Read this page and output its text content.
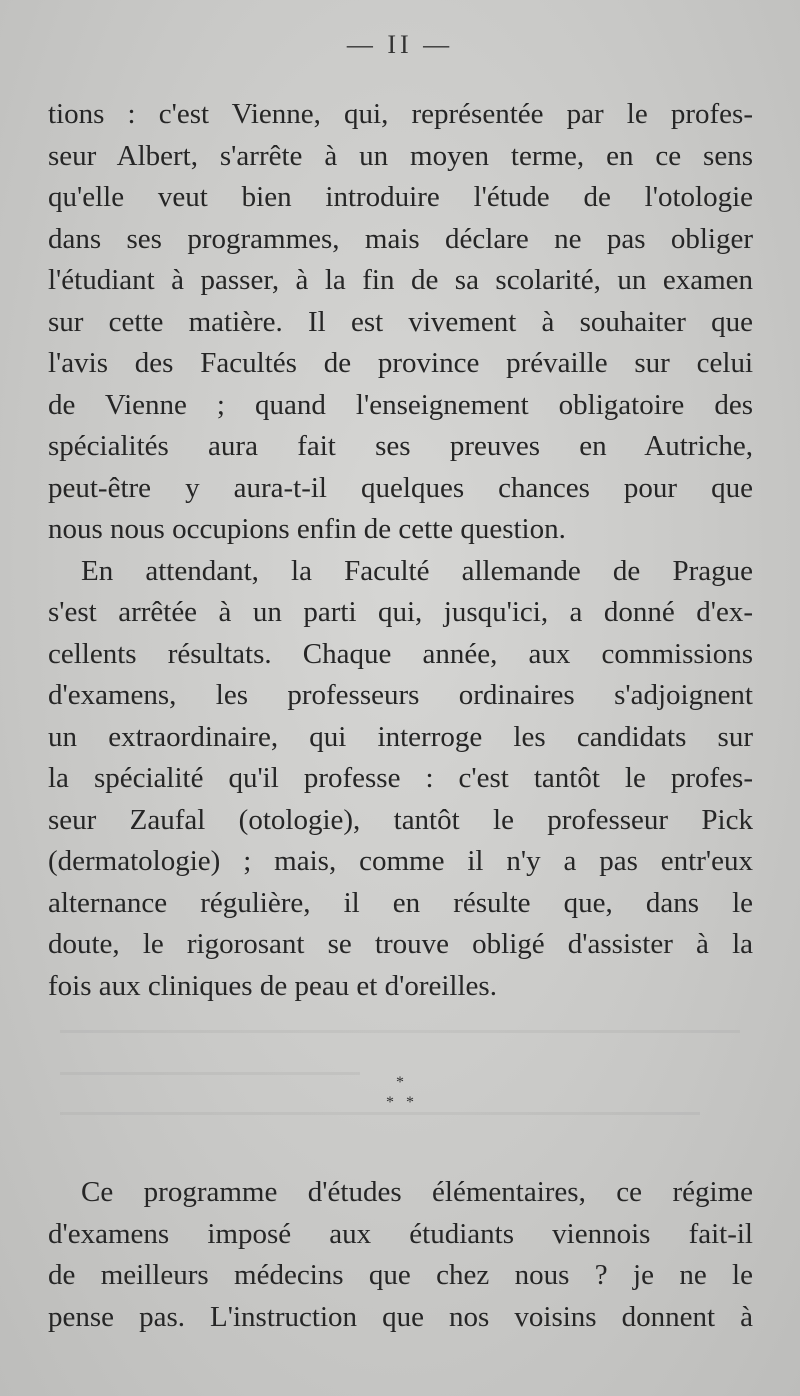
— II —
tions : c'est Vienne, qui, représentée par le profes-
seur Albert, s'arrête à un moyen terme, en ce sens
qu'elle veut bien introduire l'étude de l'otologie
dans ses programmes, mais déclare ne pas obliger
l'étudiant à passer, à la fin de sa scolarité, un examen
sur cette matière. Il est vivement à souhaiter que
l'avis des Facultés de province prévaille sur celui
de Vienne ; quand l'enseignement obligatoire des
spécialités aura fait ses preuves en Autriche,
peut-être y aura-t-il quelques chances pour que
nous nous occupions enfin de cette question.
En attendant, la Faculté allemande de Prague
s'est arrêtée à un parti qui, jusqu'ici, a donné d'ex-
cellents résultats. Chaque année, aux commissions
d'examens, les professeurs ordinaires s'adjoignent
un extraordinaire, qui interroge les candidats sur
la spécialité qu'il professe : c'est tantôt le profes-
seur Zaufal (otologie), tantôt le professeur Pick
(dermatologie) ; mais, comme il n'y a pas entr'eux
alternance régulière, il en résulte que, dans le
doute, le rigorosant se trouve obligé d'assister à la
fois aux cliniques de peau et d'oreilles.
*
* *
Ce programme d'études élémentaires, ce régime
d'examens imposé aux étudiants viennois fait-il
de meilleurs médecins que chez nous ? je ne le
pense pas. L'instruction que nos voisins donnent à
